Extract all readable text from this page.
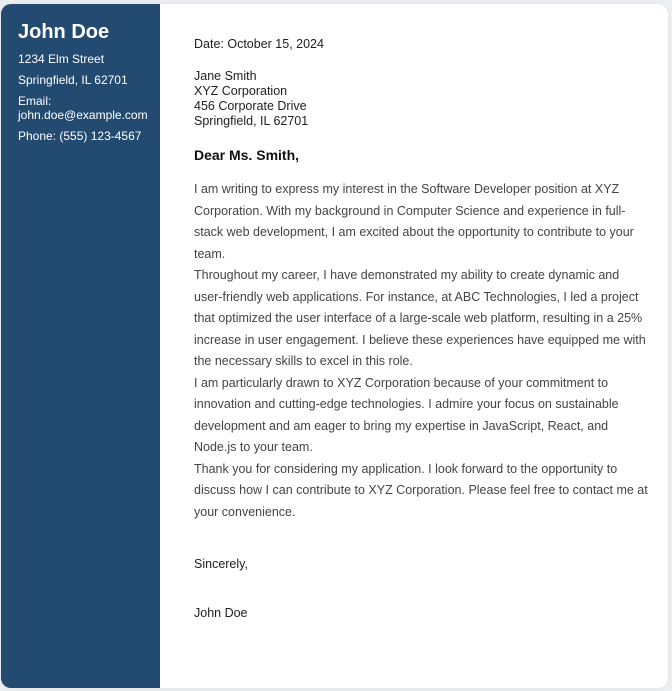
John Doe
1234 Elm Street
Springfield, IL 62701
Email:
john.doe@example.com
Phone: (555) 123-4567
Date: October 15, 2024
Jane Smith
XYZ Corporation
456 Corporate Drive
Springfield, IL 62701
Dear Ms. Smith,

I am writing to express my interest in the Software Developer position at XYZ Corporation. With my background in Computer Science and experience in full-stack web development, I am excited about the opportunity to contribute to your team.

Throughout my career, I have demonstrated my ability to create dynamic and user-friendly web applications. For instance, at ABC Technologies, I led a project that optimized the user interface of a large-scale web platform, resulting in a 25% increase in user engagement. I believe these experiences have equipped me with the necessary skills to excel in this role.

I am particularly drawn to XYZ Corporation because of your commitment to innovation and cutting-edge technologies. I admire your focus on sustainable development and am eager to bring my expertise in JavaScript, React, and Node.js to your team.

Thank you for considering my application. I look forward to the opportunity to discuss how I can contribute to XYZ Corporation. Please feel free to contact me at your convenience.

Sincerely,
John Doe
